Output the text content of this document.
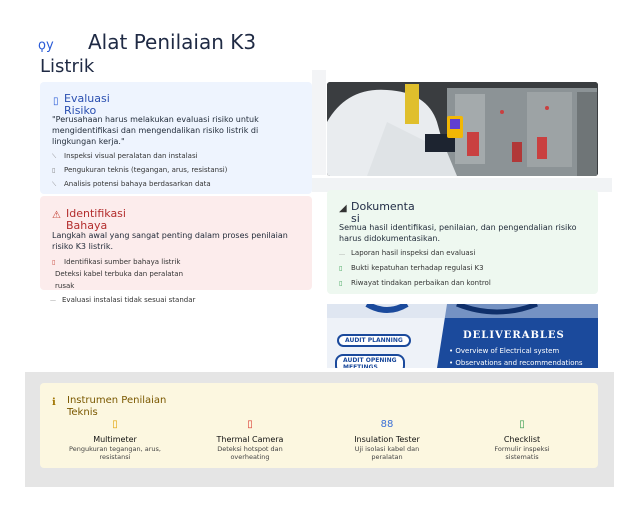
ϙy Alat Penilaian K3
Listrik
▯ Evaluasi
Risiko
"Perusahaan harus melakukan evaluasi risiko untuk mengidentifikasi dan mengendalikan risiko listrik di lingkungan kerja."
⟍ Inspeksi visual peralatan dan instalasi
▯ Pengukuran teknis (tegangan, arus, resistansi)
⟍ Analisis potensi bahaya berdasarkan data
⚠ Identifikasi
Bahaya
Langkah awal yang sangat penting dalam proses penilaian risiko K3 listrik.
▯ Identifikasi sumber bahaya listrik
Deteksi kabel terbuka dan peralatan
rusak
— Evaluasi instalasi tidak sesuai standar
◢ Dokumenta
si
Semua hasil identifikasi, penilaian, dan pengendalian risiko harus didokumentasikan.
… Laporan hasil inspeksi dan evaluasi
▯ Bukti kepatuhan terhadap regulasi K3
▯ Riwayat tindakan perbaikan dan kontrol
AUDIT PLANNING
AUDIT OPENING
MEETINGS
DELIVERABLES
• Overview of Electrical system
• Observations and recommendations
ℹ Instrumen Penilaian
Teknis
▯
Multimeter
Pengukuran tegangan, arus,
resistansi
▯
Thermal Camera
Deteksi hotspot dan
overheating
88
Insulation Tester
Uji isolasi kabel dan
peralatan
▯
Checklist
Formulir inspeksi
sistematis
